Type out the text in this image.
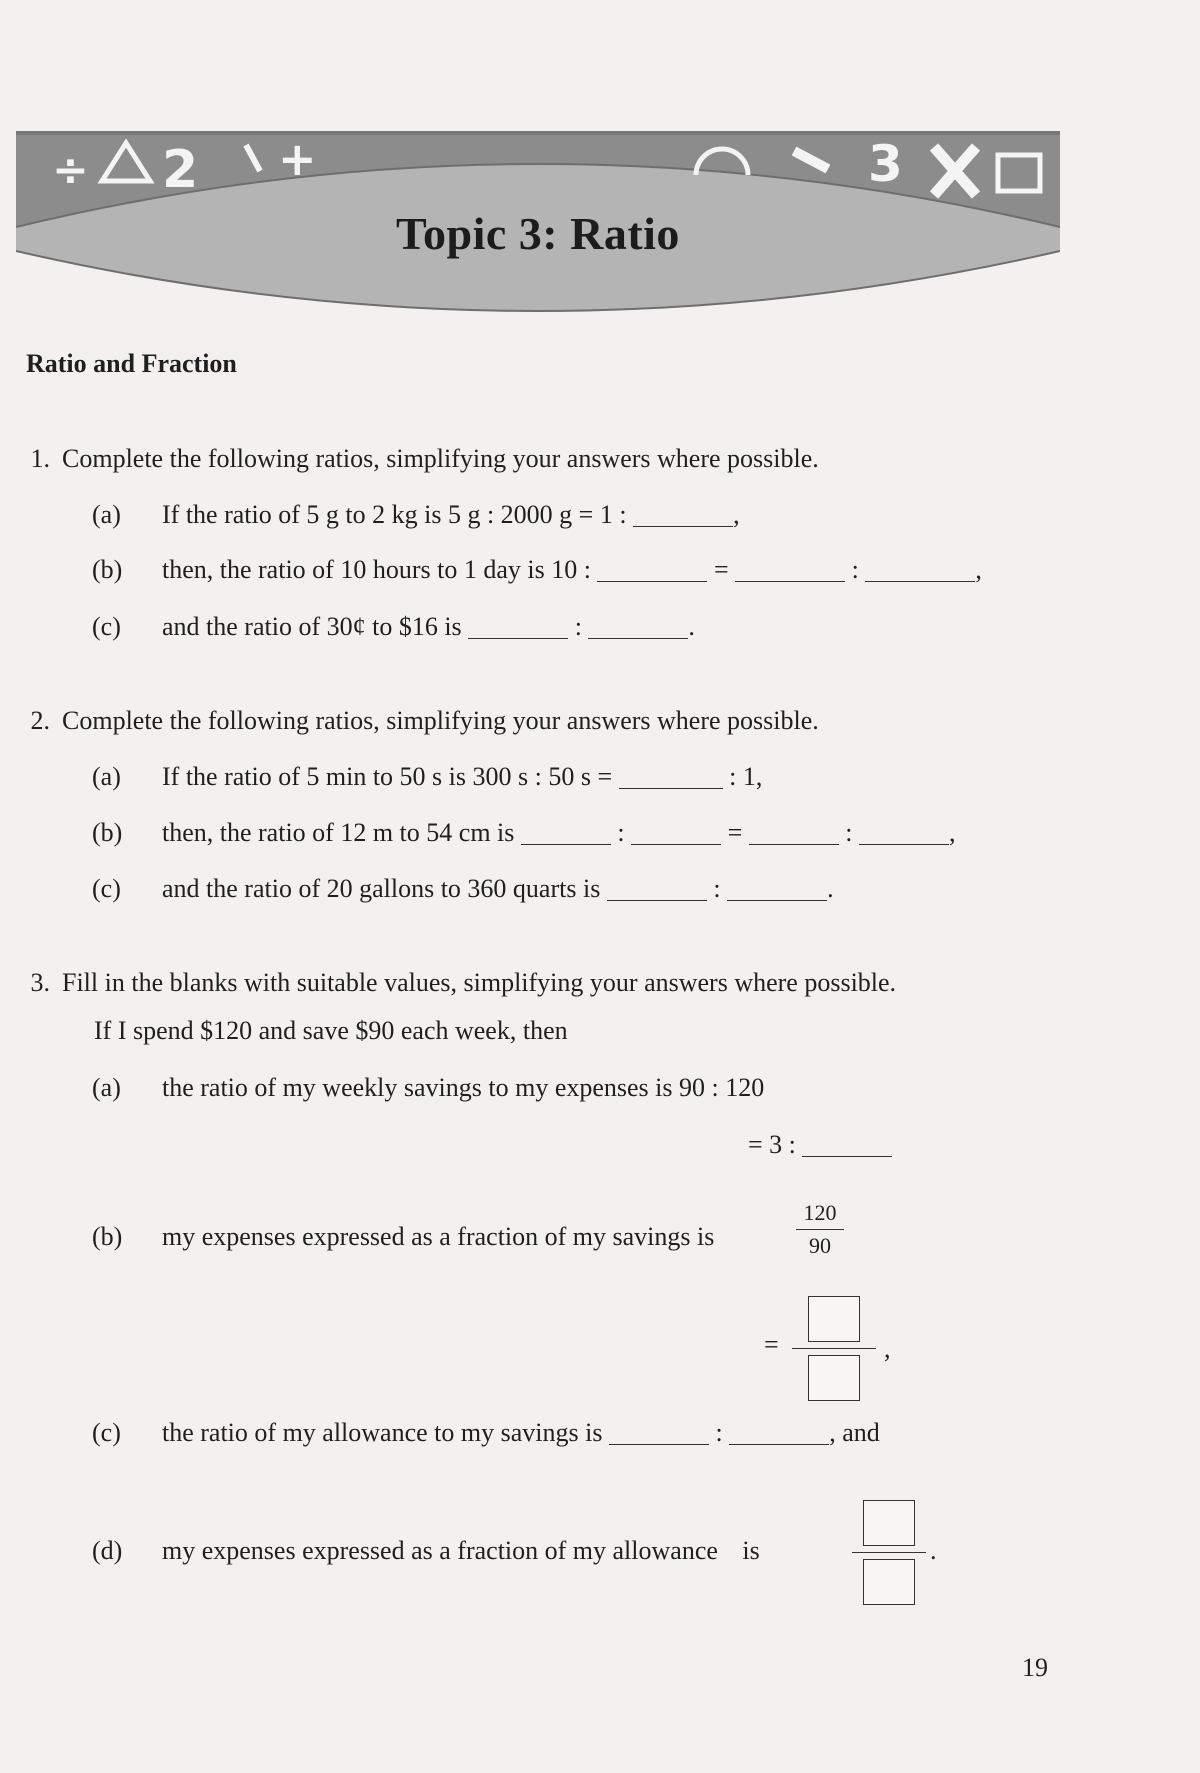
÷ 2 +	3
Topic 3: Ratio
Ratio and Fraction
1. Complete the following ratios, simplifying your answers where possible.
(a) If the ratio of 5 g to 2 kg is 5 g : 2000 g = 1 :	,
(b) then, the ratio of 10 hours to 1 day is 10 :	=	:	,
(c) and the ratio of 30¢ to $16 is	:	.
2. Complete the following ratios, simplifying your answers where possible.
(a) If the ratio of 5 min to 50 s is 300 s : 50 s =	: 1,
(b) then, the ratio of 12 m to 54 cm is	:	=	:	,
(c) and the ratio of 20 gallons to 360 quarts is	:	.
3. Fill in the blanks with suitable values, simplifying your answers where possible.
If I spend $120 and save $90 each week, then
(a) the ratio of my weekly savings to my expenses is 90 : 120
= 3 :
(b) my expenses expressed as a fraction of my savings is
120
90
=	,
(c) the ratio of my allowance to my savings is	:	, and
(d) my expenses expressed as a fraction of my allowance is	.
19
